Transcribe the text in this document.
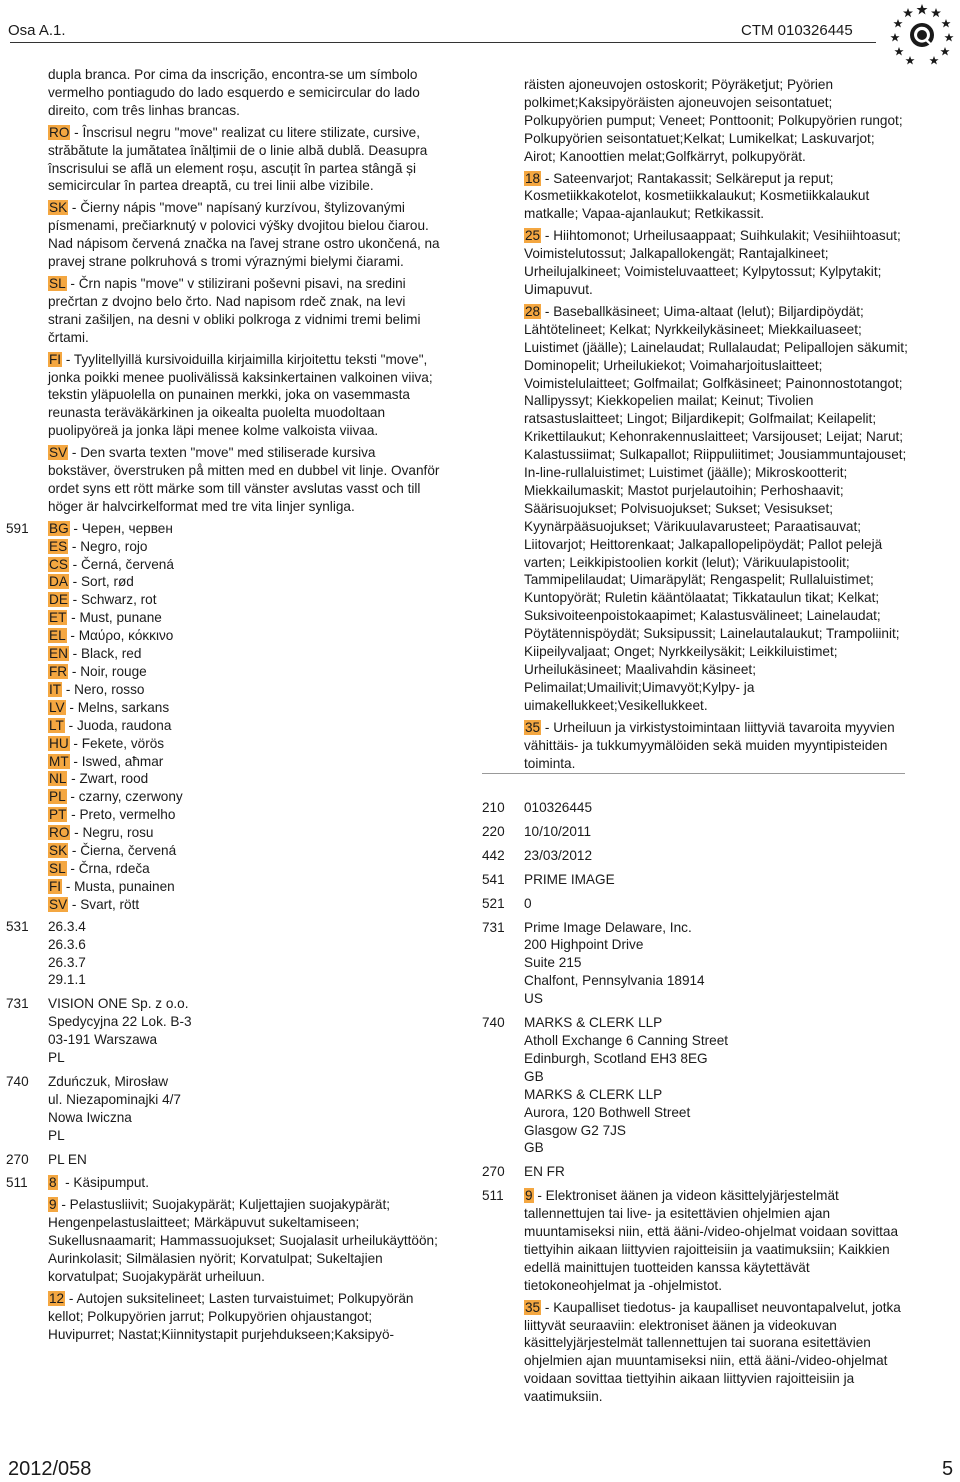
Osa A.1.	CTM 010326445

dupla branca. Por cima da inscrição, encontra-se um símbolo vermelho pontiagudo do lado esquerdo e semicircular do lado direito, com três linhas brancas.

RO - Înscrisul negru "move" realizat cu litere stilizate, cursive, străbătute la jumătatea înălțimii de o linie albă dublă. Deasupra înscrisului se află un element roșu, ascuțit în partea stângă și semicircular în partea dreaptă, cu trei linii albe vizibile.

SK - Čierny nápis "move" napísaný kurzívou, štylizovanými písmenami, prečiarknutý v polovici výšky dvojitou bielou čiarou. Nad nápisom červená značka na ľavej strane ostro ukončená, na pravej strane polkruhová s tromi výraznými bielymi čiarami.

SL - Črn napis "move" v stilizirani poševni pisavi, na sredini prečrtan z dvojno belo črto. Nad napisom rdeč znak, na levi strani zašiljen, na desni v obliki polkroga z vidnimi tremi belimi črtami.

FI - Tyylitellyillä kursivoiduilla kirjaimilla kirjoitettu teksti "move", jonka poikki menee puolivälissä kaksinkertainen valkoinen viiva; tekstin yläpuolella on punainen merkki, joka on vasemmasta reunasta teräväkärkinen ja oikealta puolelta muodoltaan puolipyöreä ja jonka läpi menee kolme valkoista viivaa.

SV - Den svarta texten "move" med stiliserade kursiva bokstäver, överstruken på mitten med en dubbel vit linje. Ovanför ordet syns ett rött märke som till vänster avslutas vasst och till höger är halvcirkelformat med tre vita linjer synliga.

591 BG - Черен, червен

ES - Negro, rojo

CS - Černá, červená

DA - Sort, rød

DE - Schwarz, rot

ET - Must, punane

EL - Μαύρο, κόκκινο

EN - Black, red

FR - Noir, rouge

IT - Nero, rosso

LV - Melns, sarkans

LT - Juoda, raudona

HU - Fekete, vörös

MT - Iswed, aħmar

NL - Zwart, rood

PL - czarny, czerwony

PT - Preto, vermelho

RO - Negru, rosu

SK - Čierna, červená

SL - Črna, rdeča

FI - Musta, punainen

SV - Svart, rött

531 26.3.4

26.3.6

26.3.7

29.1.1

731 VISION ONE Sp. z o.o.

Spedycyjna 22 Lok. B-3

03-191 Warszawa

PL

740 Zduńczuk, Mirosław

ul. Niezapominajki 4/7

Nowa Iwiczna

PL

270 PL EN

511 8  - Käsipumput.

9 - Pelastusliivit; Suojakypärät; Kuljettajien suojakypärät; Hengenpelastuslaitteet; Märkäpuvut sukeltamiseen; Sukellusnaamarit; Hammassuojukset; Suojalasit urheilukäyttöön; Aurinkolasit; Silmälasien nyörit; Korvatulpat; Sukeltajien korvatulpat; Suojakypärät urheiluun.

12 - Autojen suksitelineet; Lasten turvaistuimet; Polkupyörän kellot; Polkupyörien jarrut; Polkupyörien ohjaustangot; Huvipurret; Nastat;Kiinnitystapit purjehdukseen;Kaksipyö-

räisten ajoneuvojen ostoskorit; Pöyräketjut; Pyörien polkimet;Kaksipyöräisten ajoneuvojen seisontatuet; Polkupyörien pumput; Veneet; Ponttoonit; Polkupyörien rungot; Polkupyörien seisontatuet;Kelkat; Lumikelkat; Laskuvarjot; Airot; Kanoottien melat;Golfkärryt, polkupyörät.

18 - Sateenvarjot; Rantakassit; Selkäreput ja reput; Kosmetiikkakotelot, kosmetiikkalaukut; Kosmetiikkalaukut matkalle; Vapaa-ajanlaukut; Retkikassit.

25 - Hiihtomonot; Urheilusaappaat; Suihkulakit; Vesihiihtoasut; Voimistelutossut; Jalkapallokengät; Rantajalkineet; Urheilujalkineet; Voimisteluvaatteet; Kylpytossut; Kylpytakit; Uimapuvut.

28 - Baseballkäsineet; Uima-altaat (lelut); Biljardipöydät; Lähtötelineet; Kelkat; Nyrkkeilykäsineet; Miekkailuaseet; Luistimet (jäälle); Lainelaudat; Rullalaudat; Pelipallojen säkumit; Dominopelit; Urheilukiekot; Voimaharjoituslaitteet; Voimistelulaitteet; Golfmailat; Golfkäsineet; Painonnostotangot; Nallipyssyt; Kiekkopelien mailat; Keinut; Tivolien ratsastuslaitteet; Lingot; Biljardikepit; Golfmailat; Keilapelit; Krikettilaukut; Kehonrakennuslaitteet; Varsijouset; Leijat; Narut; Kalastussiimat; Sulkapallot; Riippuliitimet; Jousiammuntajouset; In-line-rullaluistimet; Luistimet (jäälle); Mikroskootterit; Miekkailumaskit; Mastot purjelautoihin; Perhoshaavit; Säärisuojukset; Polvisuojukset; Sukset; Vesisukset; Kyynärpääsuojukset; Värikuulavarusteet; Paraatisauvat; Liitovarjot; Heittorenkaat; Jalkapallopelipöydät; Pallot pelejä varten; Leikkipistoolien korkit (lelut); Värikuulapistoolit; Tammipelilaudat; Uimaräpylät; Rengaspelit; Rullaluistimet; Kuntopyörät; Ruletin kääntölaatat; Tikkataulun tikat; Kelkat; Suksivoiteenpoistokaapimet; Kalastusvälineet; Lainelaudat; Pöytätennispöydät; Suksipussit; Lainelautalaukut; Trampoliinit; Kiipeilyvaljaat; Onget; Nyrkkeilysäkit; Leikkiluistimet; Urheilukäsineet; Maalivahdin käsineet; Pelimailat;Umailivit;Uimavyöt;Kylpy- ja uimakellukkeet;Vesikellukkeet.

35 - Urheiluun ja virkistystoimintaan liittyviä tavaroita myyvien vähittäis- ja tukkumyymälöiden sekä muiden myyntipisteiden toiminta.

210 010326445

220 10/10/2011

442 23/03/2012

541 PRIME IMAGE

521 0

731 Prime Image Delaware, Inc.

200 Highpoint Drive

Suite 215

Chalfont, Pennsylvania 18914

US

740 MARKS & CLERK LLP

Atholl Exchange 6 Canning Street

Edinburgh, Scotland EH3 8EG

GB

MARKS & CLERK LLP

Aurora, 120 Bothwell Street

Glasgow G2 7JS

GB

270 EN FR

511 9 - Elektroniset äänen ja videon käsittelyjärjestelmät tallennettujen tai live- ja esitettävien ohjelmien ajan muuntamiseksi niin, että ääni-/video-ohjelmat voidaan sovittaa tiettyihin aikaan liittyvien rajoitteisiin ja vaatimuksiin; Kaikkien edellä mainittujen tuotteiden kanssa käytettävät tietokoneohjelmat ja -ohjelmistot.

35 - Kaupalliset tiedotus- ja kaupalliset neuvontapalvelut, jotka liittyvät seuraaviin: elektroniset äänen ja videokuvan käsittelyjärjestelmät tallennettujen tai suorana esitettävien ohjelmien ajan muuntamiseksi niin, että ääni-/video-ohjelmat voidaan sovittaa tiettyihin aikaan liittyvien rajoitteisiin ja vaatimuksiin.

2012/058	5
